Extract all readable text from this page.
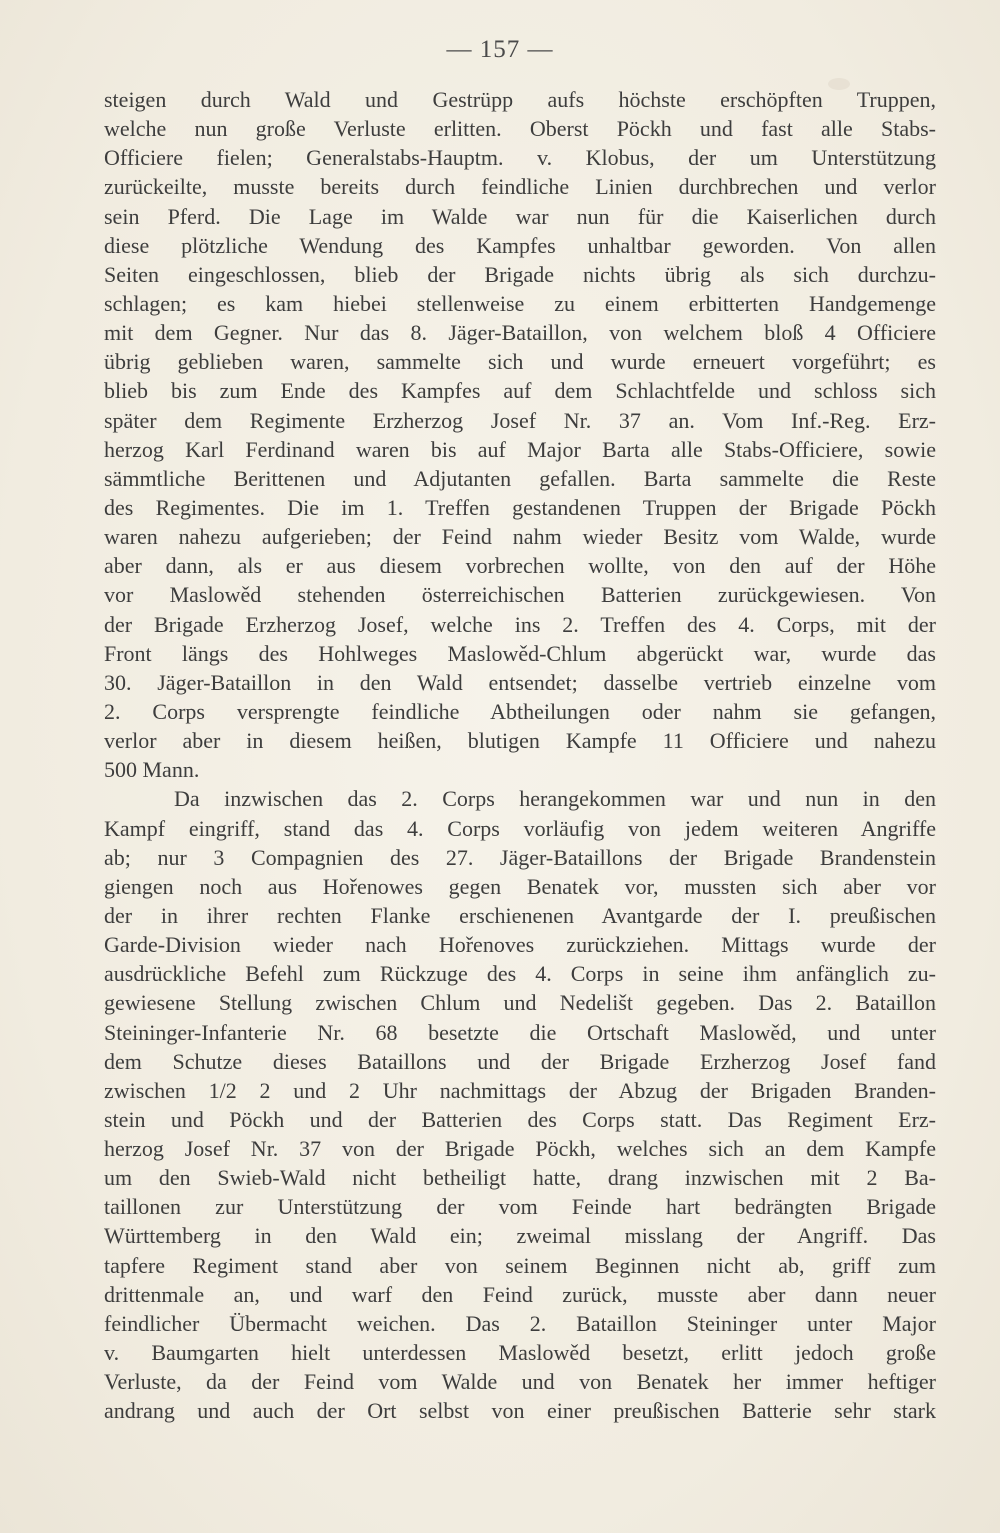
— 157 —
steigen durch Wald und Gestrüpp aufs höchste erschöpften Truppen,
welche nun große Verluste erlitten. Oberst Pöckh und fast alle Stabs-
Officiere fielen; Generalstabs-Hauptm. v. Klobus, der um Unterstützung
zurückeilte, musste bereits durch feindliche Linien durchbrechen und verlor
sein Pferd. Die Lage im Walde war nun für die Kaiserlichen durch
diese plötzliche Wendung des Kampfes unhaltbar geworden. Von allen
Seiten eingeschlossen, blieb der Brigade nichts übrig als sich durchzu-
schlagen; es kam hiebei stellenweise zu einem erbitterten Handgemenge
mit dem Gegner. Nur das 8. Jäger-Bataillon, von welchem bloß 4 Officiere
übrig geblieben waren, sammelte sich und wurde erneuert vorgeführt; es
blieb bis zum Ende des Kampfes auf dem Schlachtfelde und schloss sich
später dem Regimente Erzherzog Josef Nr. 37 an. Vom Inf.-Reg. Erz-
herzog Karl Ferdinand waren bis auf Major Barta alle Stabs-Officiere, sowie
sämmtliche Berittenen und Adjutanten gefallen. Barta sammelte die Reste
des Regimentes. Die im 1. Treffen gestandenen Truppen der Brigade Pöckh
waren nahezu aufgerieben; der Feind nahm wieder Besitz vom Walde, wurde
aber dann, als er aus diesem vorbrechen wollte, von den auf der Höhe
vor Maslowěd stehenden österreichischen Batterien zurückgewiesen. Von
der Brigade Erzherzog Josef, welche ins 2. Treffen des 4. Corps, mit der
Front längs des Hohlweges Maslowěd-Chlum abgerückt war, wurde das
30. Jäger-Bataillon in den Wald entsendet; dasselbe vertrieb einzelne vom
2. Corps versprengte feindliche Abtheilungen oder nahm sie gefangen,
verlor aber in diesem heißen, blutigen Kampfe 11 Officiere und nahezu
500 Mann.
Da inzwischen das 2. Corps herangekommen war und nun in den
Kampf eingriff, stand das 4. Corps vorläufig von jedem weiteren Angriffe
ab; nur 3 Compagnien des 27. Jäger-Bataillons der Brigade Brandenstein
giengen noch aus Hořenowes gegen Benatek vor, mussten sich aber vor
der in ihrer rechten Flanke erschienenen Avantgarde der I. preußischen
Garde-Division wieder nach Hořenoves zurückziehen. Mittags wurde der
ausdrückliche Befehl zum Rückzuge des 4. Corps in seine ihm anfänglich zu-
gewiesene Stellung zwischen Chlum und Nedelišt gegeben. Das 2. Bataillon
Steininger-Infanterie Nr. 68 besetzte die Ortschaft Maslowěd, und unter
dem Schutze dieses Bataillons und der Brigade Erzherzog Josef fand
zwischen 1/2 2 und 2 Uhr nachmittags der Abzug der Brigaden Branden-
stein und Pöckh und der Batterien des Corps statt. Das Regiment Erz-
herzog Josef Nr. 37 von der Brigade Pöckh, welches sich an dem Kampfe
um den Swieb-Wald nicht betheiligt hatte, drang inzwischen mit 2 Ba-
taillonen zur Unterstützung der vom Feinde hart bedrängten Brigade
Württemberg in den Wald ein; zweimal misslang der Angriff. Das
tapfere Regiment stand aber von seinem Beginnen nicht ab, griff zum
drittenmale an, und warf den Feind zurück, musste aber dann neuer
feindlicher Übermacht weichen. Das 2. Bataillon Steininger unter Major
v. Baumgarten hielt unterdessen Maslowěd besetzt, erlitt jedoch große
Verluste, da der Feind vom Walde und von Benatek her immer heftiger
andrang und auch der Ort selbst von einer preußischen Batterie sehr stark
